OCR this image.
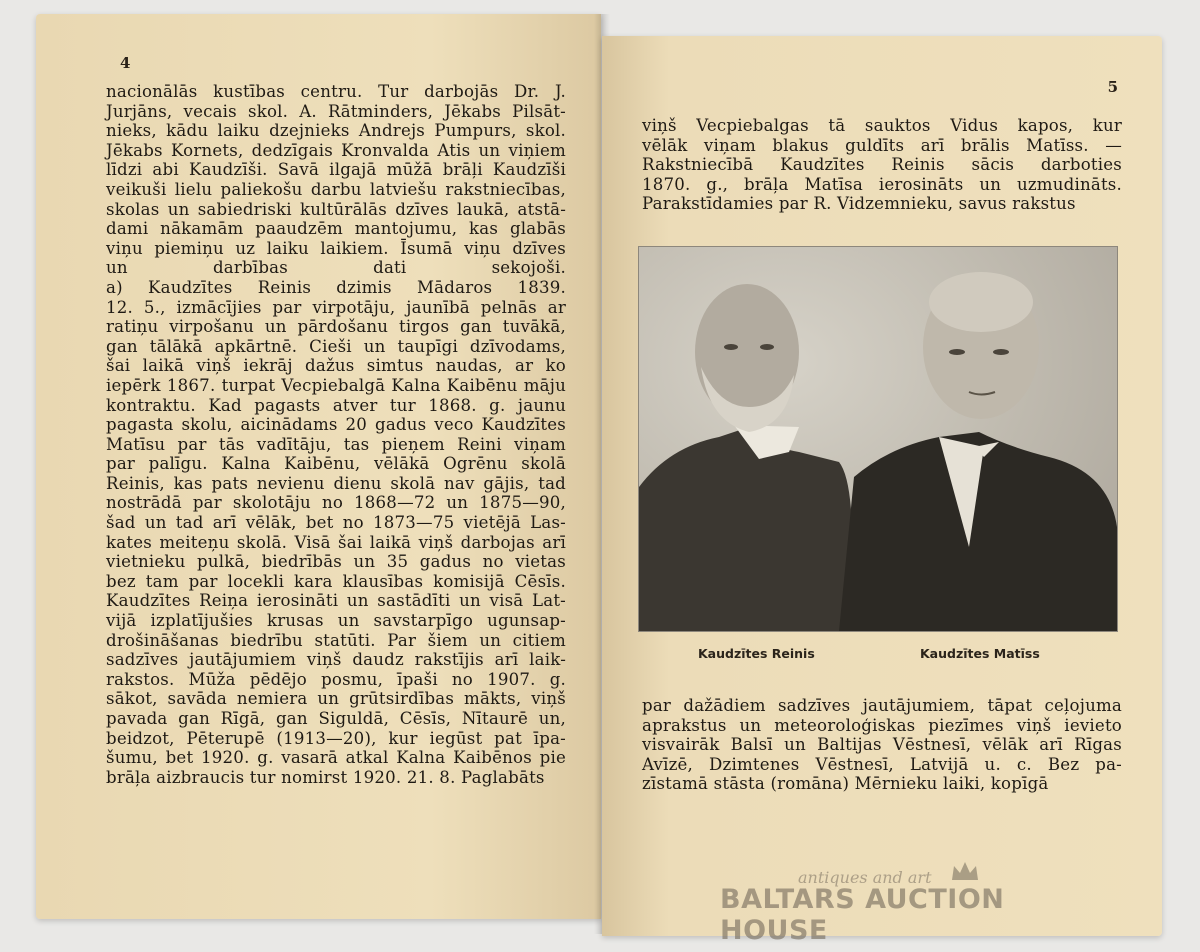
4
nacionālās kustības centru. Tur darbojās Dr. J.
Jurjāns, vecais skol. A. Rātminders, Jēkabs Pilsāt-
nieks, kādu laiku dzejnieks Andrejs Pumpurs, skol.
Jēkabs Kornets, dedzīgais Kronvalda Atis un viņiem
līdzi abi Kaudzīši. Savā ilgajā mūžā brāļi Kaudzīši
veikuši lielu paliekošu darbu latviešu rakstniecības,
skolas un sabiedriski kultūrālās dzīves laukā, atstā-
dami nākamām paaudzēm mantojumu, kas glabās
viņu piemiņu uz laiku laikiem. Īsumā viņu dzīves
un darbības dati sekojoši.
a) Kaudzītes Reinis dzimis Mādaros 1839.
12. 5., izmācījies par virpotāju, jaunībā pelnās ar
ratiņu virpošanu un pārdošanu tirgos gan tuvākā,
gan tālākā apkārtnē. Cieši un taupīgi dzīvodams,
šai laikā viņš iekrāj dažus simtus naudas, ar ko
iepērk 1867. turpat Vecpiebalgā Kalna Kaibēnu māju
kontraktu. Kad pagasts atver tur 1868. g. jaunu
pagasta skolu, aicinādams 20 gadus veco Kaudzītes
Matīsu par tās vadītāju, tas pieņem Reini viņam
par palīgu. Kalna Kaibēnu, vēlākā Ogrēnu skolā
Reinis, kas pats nevienu dienu skolā nav gājis, tad
nostrādā par skolotāju no 1868—72 un 1875—90,
šad un tad arī vēlāk, bet no 1873—75 vietējā Las-
kates meiteņu skolā. Visā šai laikā viņš darbojas arī
vietnieku pulkā, biedrībās un 35 gadus no vietas
bez tam par locekli kara klausības komisijā Cēsīs.
Kaudzītes Reiņa ierosināti un sastādīti un visā Lat-
vijā izplatījušies krusas un savstarpīgo ugunsap-
drošināšanas biedrību statūti. Par šiem un citiem
sadzīves jautājumiem viņš daudz rakstījis arī laik-
rakstos. Mūža pēdējo posmu, īpaši no 1907. g.
sākot, savāda nemiera un grūtsirdības mākts, viņš
pavada gan Rīgā, gan Siguldā, Cēsīs, Nītaurē un,
beidzot, Pēterupē (1913—20), kur iegūst pat īpa-
šumu, bet 1920. g. vasarā atkal Kalna Kaibēnos pie
brāļa aizbraucis tur nomirst 1920. 21. 8. Paglabāts
5
viņš Vecpiebalgas tā sauktos Vidus kapos, kur
vēlāk viņam blakus guldīts arī brālis Matīss. —
Rakstniecībā Kaudzītes Reinis sācis darboties
1870. g., brāļa Matīsa ierosināts un uzmudināts.
Parakstīdamies par R. Vidzemnieku, savus rakstus
Kaudzītes Reinis	Kaudzītes Matīss
par dažādiem sadzīves jautājumiem, tāpat ceļojuma
aprakstus un meteoroloģiskas piezīmes viņš ievieto
visvairāk Balsī un Baltijas Vēstnesī, vēlāk arī Rīgas
Avīzē, Dzimtenes Vēstnesī, Latvijā u. c. Bez pa-
zīstamā stāsta (romāna) Mērnieku laiki, kopīgā
antiques and art
BALTARS AUCTION HOUSE
